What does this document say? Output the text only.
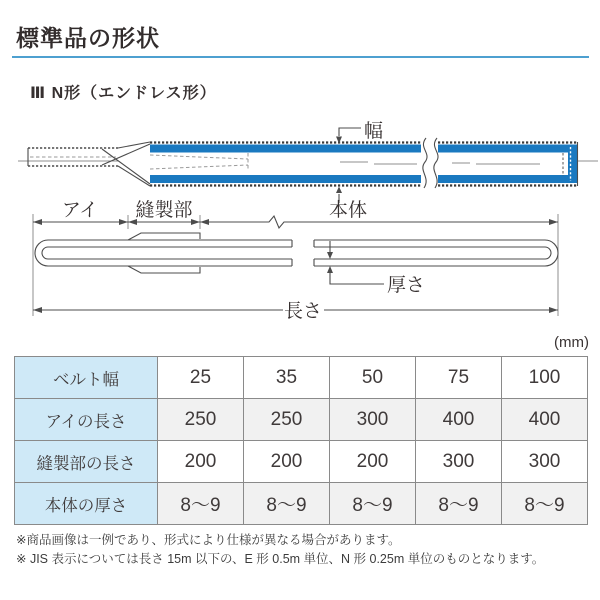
標準品の形状
Ⅲ N形（エンドレス形）
幅
アイ 縫製部	本体
厚さ
長さ
(mm)
ベルト幅	25	35	50	75	100
アイの長さ	250	250	300	400	400
縫製部の長さ	200	200	200	300	300
本体の厚さ	8～9	8～9	8～9	8～9	8～9

※商品画像は一例であり、形式により仕様が異なる場合があります。

※ JIS 表示については長さ 15m 以下の、E 形 0.5m 単位、N 形 0.25m 単位のものとなります。
